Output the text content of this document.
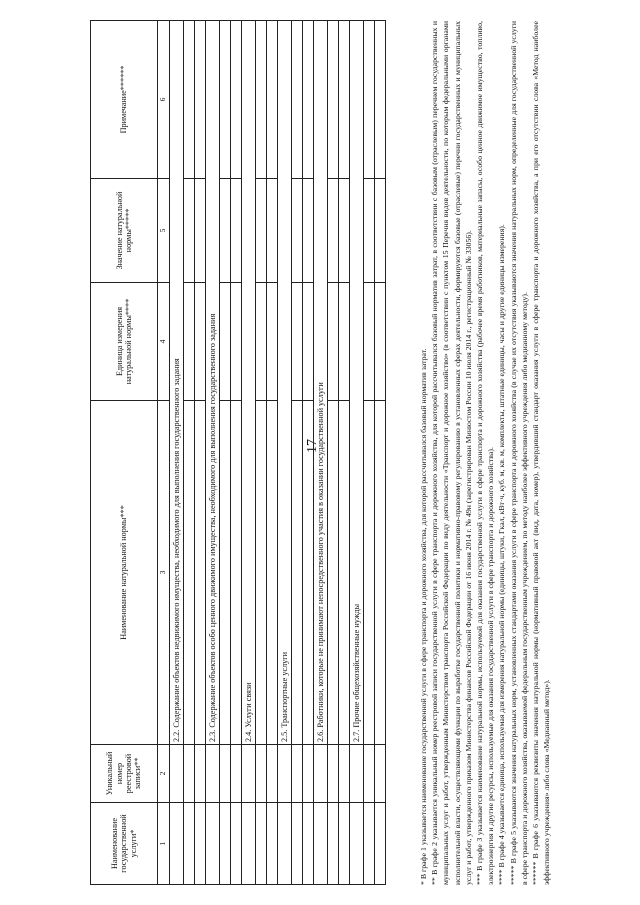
17
Наименование государственной услуги*	Уникальный номер реестровой записи**	Наименование натуральной нормы***	Единица измерения натуральной нормы****	Значение натуральной нормы*****	Примечание******
1	2	3	4	5	6
		2.2. Содержание объектов недвижимого имущества, необходимого для выполнения государственного задания			

		2.3. Содержание объектов особо ценного движимого имущества, необходимого для выполнения государственного задания			

		2.4. Услуги связи			

		2.5. Транспортные услуги			

		2.6. Работники, которые не принимают непосредственного участия в оказании государственной услуги			

		2.7. Прочие общехозяйственные нужды			

						* В графе 1 указывается наименование государственной услуги в сфере транспорта и дорожного хозяйства, для которой рассчитывался базовый норматив затрат. ** В графе 2 указывается уникальный номер реестровой записи государственной услуги в сфере транспорта и дорожного хозяйства, для которой рассчитывался базовый норматив затрат, в соответствии с базовым (отраслевым) перечнем государственных и муниципальных услуг и работ, утвержденным Министерством транспорта Российской Федерации по виду деятельности «Транспорт и дорожное хозяйство» (в соответствии с пунктом 15 Перечня видов деятельности, по которым федеральными органами исполнительной власти, осуществляющими функции по выработке государственной политики и нормативно-правовому регулированию в установленных сферах деятельности, формируются базовые (отраслевые) перечни государственных и муниципальных услуг и работ, утвержденного приказом Министерства финансов Российской Федерации от 16 июня 2014 г. № 49н (зарегистрирован Минюстом России 10 июля 2014 г., регистрационный № 33056). *** В графе 3 указывается наименование натуральной нормы, используемой для оказания государственной услуги в сфере транспорта и дорожного хозяйства (рабочее время работников, материальные запасы, особо ценное движимое имущество, топливо, электроэнергия и другие ресурсы, используемые для оказания государственной услуги в сфере транспорта и дорожного хозяйства). **** В графе 4 указывается единица, используемая для измерения натуральной нормы (единицы, штуки, Гкал, кВт·ч, куб. м, кв. м, комплекты, штатные единицы, часы и другие единицы измерения). ***** В графе 5 указываются значения натуральных норм, установленных стандартами оказания услуги в сфере транспорта и дорожного хозяйства (в случае их отсутствия указываются значения натуральных норм, определенные для государственной услуги в сфере транспорта и дорожного хозяйства, оказываемой федеральным государственным учреждением, по методу наиболее эффективного учреждения либо медианному методу). ****** В графе 6 указываются реквизиты значения натуральной нормы (нормативный правовой акт (вид, дата, номер), утвердивший стандарт оказания услуги в сфере транспорта и дорожного хозяйства, а при его отсутствии слова «Метод наиболее эффективного учреждения» либо слова «Медианный метод»).
